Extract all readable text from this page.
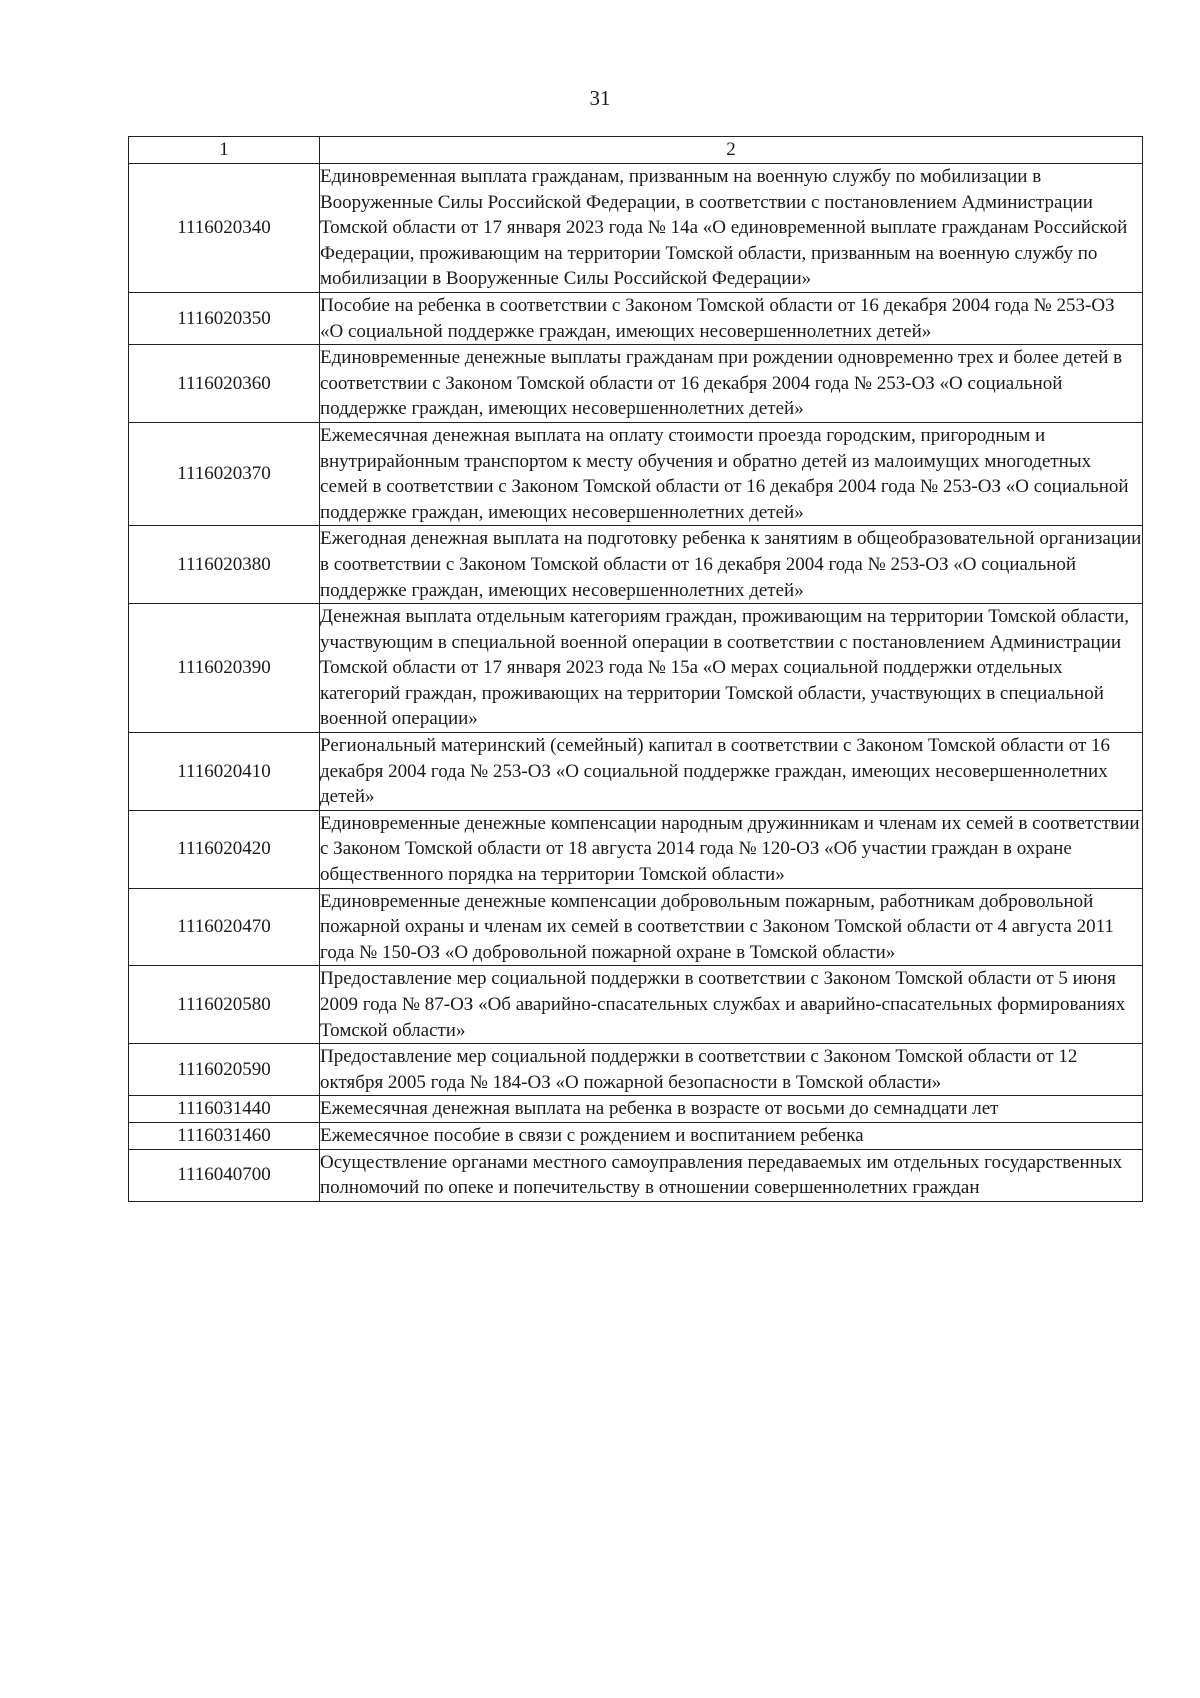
31
1	2
1116020340	Единовременная выплата гражданам, призванным на военную службу по мобилизации в Вооруженные Силы Российской Федерации, в соответствии с постановлением Администрации Томской области от 17 января 2023 года № 14а «О единовременной выплате гражданам Российской Федерации, проживающим на территории Томской области, призванным на военную службу по мобилизации в Вооруженные Силы Российской Федерации»
1116020350	Пособие на ребенка в соответствии с Законом Томской области от 16 декабря 2004 года № 253-ОЗ «О социальной поддержке граждан, имеющих несовершеннолетних детей»
1116020360	Единовременные денежные выплаты гражданам при рождении одновременно трех и более детей в соответствии с Законом Томской области от 16 декабря 2004 года № 253-ОЗ «О социальной поддержке граждан, имеющих несовершеннолетних детей»
1116020370	Ежемесячная денежная выплата на оплату стоимости проезда городским, пригородным и внутрирайонным транспортом к месту обучения и обратно детей из малоимущих многодетных семей в соответствии с Законом Томской области от 16 декабря 2004 года № 253-ОЗ «О социальной поддержке граждан, имеющих несовершеннолетних детей»
1116020380	Ежегодная денежная выплата на подготовку ребенка к занятиям в общеобразовательной организации в соответствии с Законом Томской области от 16 декабря 2004 года № 253-ОЗ «О социальной поддержке граждан, имеющих несовершеннолетних детей»
1116020390	Денежная выплата отдельным категориям граждан, проживающим на территории Томской области, участвующим в специальной военной операции в соответствии с постановлением Администрации Томской области от 17 января 2023 года № 15а «О мерах социальной поддержки отдельных категорий граждан, проживающих на территории Томской области, участвующих в специальной военной операции»
1116020410	Региональный материнский (семейный) капитал в соответствии с Законом Томской области от 16 декабря 2004 года № 253-ОЗ «О социальной поддержке граждан, имеющих несовершеннолетних детей»
1116020420	Единовременные денежные компенсации народным дружинникам и членам их семей в соответствии с Законом Томской области от 18 августа 2014 года № 120-ОЗ «Об участии граждан в охране общественного порядка на территории Томской области»
1116020470	Единовременные денежные компенсации добровольным пожарным, работникам добровольной пожарной охраны и членам их семей в соответствии с Законом Томской области от 4 августа 2011 года № 150-ОЗ «О добровольной пожарной охране в Томской области»
1116020580	Предоставление мер социальной поддержки в соответствии с Законом Томской области от 5 июня 2009 года № 87-ОЗ «Об аварийно-спасательных службах и аварийно-спасательных формированиях Томской области»
1116020590	Предоставление мер социальной поддержки в соответствии с Законом Томской области от 12 октября 2005 года № 184-ОЗ «О пожарной безопасности в Томской области»
1116031440	Ежемесячная денежная выплата на ребенка в возрасте от восьми до семнадцати лет
1116031460	Ежемесячное пособие в связи с рождением и воспитанием ребенка
1116040700	Осуществление органами местного самоуправления передаваемых им отдельных государственных полномочий по опеке и попечительству в отношении совершеннолетних граждан
